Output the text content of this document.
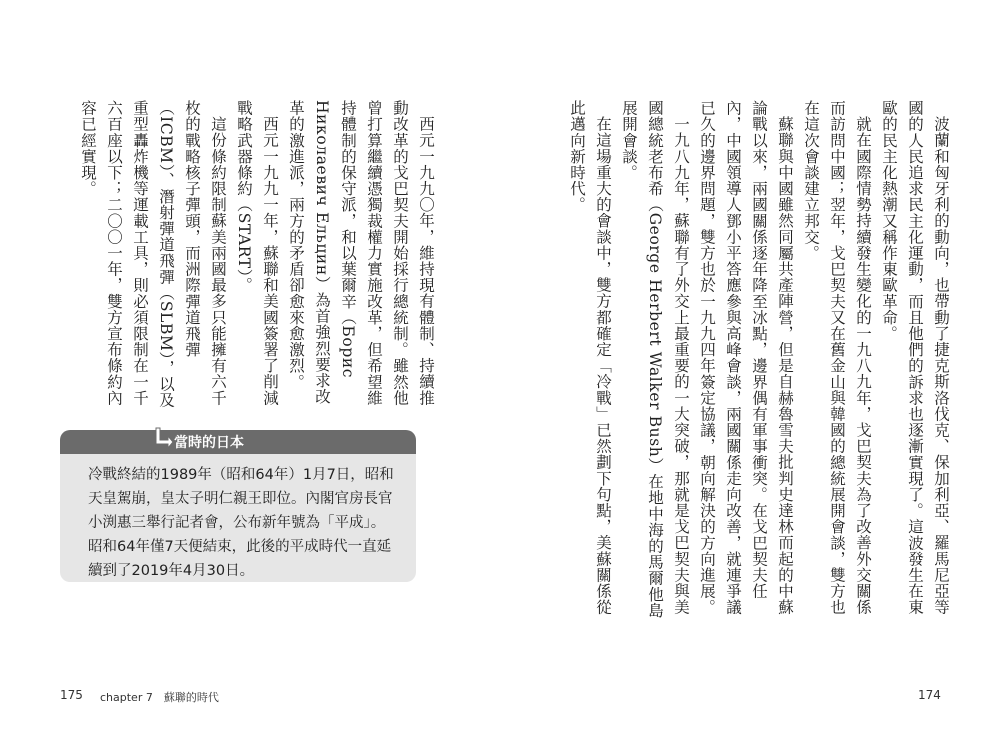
波蘭和匈牙利的動向，也帶動了捷克斯洛伐克、保加利亞、羅馬尼亞等國的人民追求民主化運動，而且他們的訴求也逐漸實現了。這波發生在東歐的民主化熱潮又稱作東歐革命。

就在國際情勢持續發生變化的一九八九年，戈巴契夫為了改善外交關係而訪問中國；翌年，戈巴契夫又在舊金山與韓國的總統展開會談，雙方也在這次會談建立邦交。

蘇聯與中國雖然同屬共產陣營，但是自赫魯雪夫批判史達林而起的中蘇論戰以來，兩國關係逐年降至冰點，邊界偶有軍事衝突。在戈巴契夫任內，中國領導人鄧小平答應參與高峰會談，兩國關係走向改善，就連爭議已久的邊界問題，雙方也於一九九四年簽定協議，朝向解決的方向進展。

一九八九年，蘇聯有了外交上最重要的一大突破，那就是戈巴契夫與美國總統老布希（George Herbert Walker Bush）在地中海的馬爾他島展開會談。

在這場重大的會談中，雙方都確定「冷戰」已然劃下句點，美蘇關係從此邁向新時代。

西元一九九〇年，維持現有體制、持續推動改革的戈巴契夫開始採行總統制。雖然他曾打算繼續憑獨裁權力實施改革，但希望維持體制的保守派，和以葉爾辛（Борис Николаевич Ельцин）為首強烈要求改革的激進派，兩方的矛盾卻愈來愈激烈。

西元一九九一年，蘇聯和美國簽署了削減戰略武器條約（START）。

這份條約限制蘇美兩國最多只能擁有六千枚的戰略核子彈頭，而洲際彈道飛彈（ICBM）、潛射彈道飛彈（SLBM），以及重型轟炸機等運載工具，則必須限制在一千六百座以下；二〇〇一年，雙方宣布條約內容已經實現。

當時的日本
冷戰終結的1989年（昭和64年）1月7日，昭和
天皇駕崩，皇太子明仁親王即位。內閣官房長官
小渕惠三舉行記者會，公布新年號為「平成」。
昭和64年僅7天便結束，此後的平成時代一直延
續到了2019年4月30日。
175 chapter 7　蘇聯的時代	174
